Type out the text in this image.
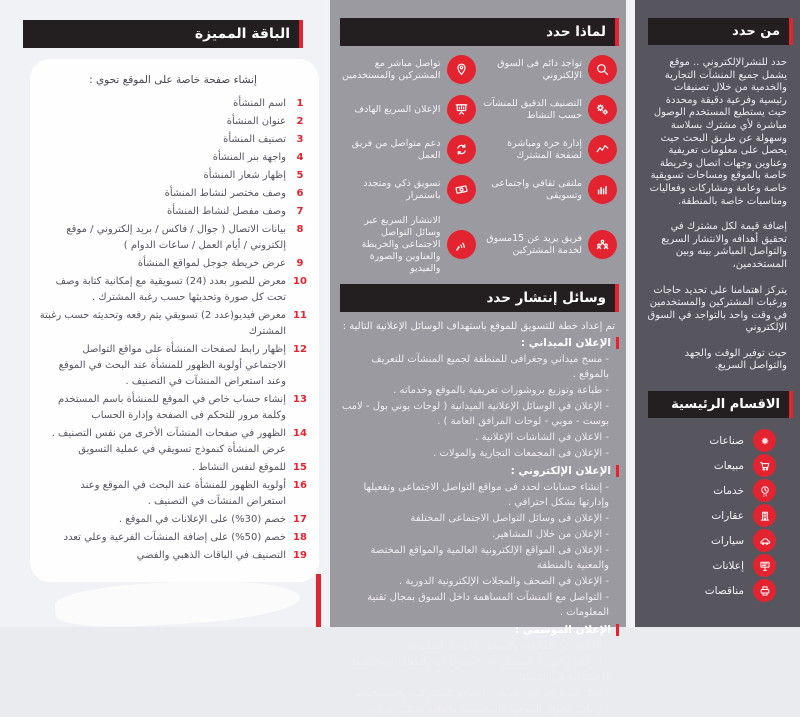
الباقة المميزة

إنشاء صفحة خاصة على الموقع تحوي :

1
اسم المنشأة
2
عنوان المنشأة
3
تصنيف المنشأة
4
واجهة بنر المنشأة
5
إظهار شعار المنشأة
6
وصف مختصر لنشاط المنشأة
7
وصف مفصل لنشاط المنشأة
8
بيانات الاتصال ( جوال / فاكس / بريد إلكتروني / موقع إلكتروني / أيام العمل / ساعات الدوام )
9
عرض خريطة جوجل لمواقع المنشأة
10
معرض للصور بعدد (24) تسويقية مع إمكانية كتابة وصف تحت كل صورة وتحديثها حسب رغبة المشترك .
11
معرض فيديو(عدد 2) تسويقي يتم رفعه وتحديثه حسب رغبتة المشترك
12
إظهار رابط لصفحات المنشأة على مواقع التواصل الاجتماعي أولوية الظهور للمنشأة عند البحث في الموقع وعند استعراض المنشآت في التصنيف .
13
إنشاء حساب خاص في الموقع للمنشأة باسم المستخدم وكلمة مرور للتحكم فى الصفحة وإدارة الحساب
14
الظهور في صفحات المنشآت الأخرى من نفس التصنيف . عرض المنشأة كنموذج تسويقي في عملية التسويق
15
للموقع لنفس النشاط .
16
أولوية الظهور للمنشأة عند البحث في الموقع وعند استعراض المنشآت في التصنيف .
17
خصم (30%) على الإعلانات في الموقع .
18
خصم (50%) على إضافة المنشآت الفرعية وعلي تعدد
19
التصنيف في الباقات الذهبي والفضي
لماذا حدد
تواجد دائم فى السوق الإلكتروني
تواصل مباشر مع المشتركين والمستخدمين
التصنيف الدقيق للمنشآت حسب النشاط
الإعلان السريع الهادف
إدارة حرة ومباشرة لصفحة المشترك
دعم متواصل من فريق العمل
ملتقى ثقافي واجتماعى وتسويقى
تسويق ذكي ومتجدد باستمرار
فريق يزيد عن 15مسوق لخدمة المشتركين
الانتشار السريع عبر وسائل التواصل الاجتماعى والخريطة والعناوين والصورة والفيديو
وسائل إنتشار حدد

تم إعداد خطة للتسويق للموقع باستهداف الوسائل الإعلانية التالية :

الإعلان الميداني :

- مسح ميداني وجغرافى للمنطقة لجميع المنشآت للتعريف بالموقع .

- طباعة وتوزيع بروشورات تعريفية بالموقع وخدماته .

- الإعلان في الوسائل الإعلانية الميدانية ( لوحات يوني بول - لامب بوست - موبي - لوحات المرافق العامة ) .

- الاعلان في الشاشات الإعلانية .

- الإعلان فى المجمعات التجارية والمولات .

الإعلان الإلكتروني :

- إنشاء حسابات لحدد فى مواقع التواصل الاجتماعى وتفعيلها وإدارتها بشكل احترافي .

- الإعلان فى وسائل التواصل الاجتماعى المختلفة

- الإعلان من خلال المشاهير.

- الإعلان فى المواقع الإلكترونية العالمية والمواقع المختصة والمعنية بالمنطقة

- الإعلان في الصحف والمجلات الإلكترونية الدورية .

- التواصل مع المنشآت المساهمة داخل السوق بمجال تقنية المعلومات .

الإعلان الموسمي :

- الدعاية في المجلات والصحف الدورية المطبوعة

- الرعاية والتواجد المستمر في المهرجانات والفعاليات والأنشطة الاجتماعية فى المنطقة

- عمل فيديو إخراجي تعريفي بالموقع للمشتركين والمستخدمين .

- رسائل الجوال الموجهه والمخصصة والعامة بشكل دوري .

من حدد

حدد للنشرالإلكتروني .. موقع يشمل جميع المنشآت التجارية والخدمية من خلال تصنيفات رئيسية وفرعية دقيقة ومحددة حيث يستطيع المستخدم الوصول مباشرة لأي مشترك بسلاسة وسهولة عن طريق البحث حيث يحصل على معلومات تعريفية وعناوين وجهات اتصال وخريطة خاصة بالموقع ومساحات تسويقية خاصة وعامة ومشاركات وفعاليات ومناسبات خاصة بالمنطقة.

إضافة قيمة لكل مشترك في تحقيق أهدافه والانتشار السريع والتواصل المباشر بينه وبين المستخدمين،

يتركز اهتمامنا على تحديد حاجات ورغبات المشتركين والمستخدمين في وقت واحد بالتواجد في السوق الإلكتروني

حيث توفير الوقت والجهد والتواصل السريع.

الاقسام الرئيسية
صناعات
مبيعات
24
خدمات
عقارات
سيارات
إعلانات
مناقصات
